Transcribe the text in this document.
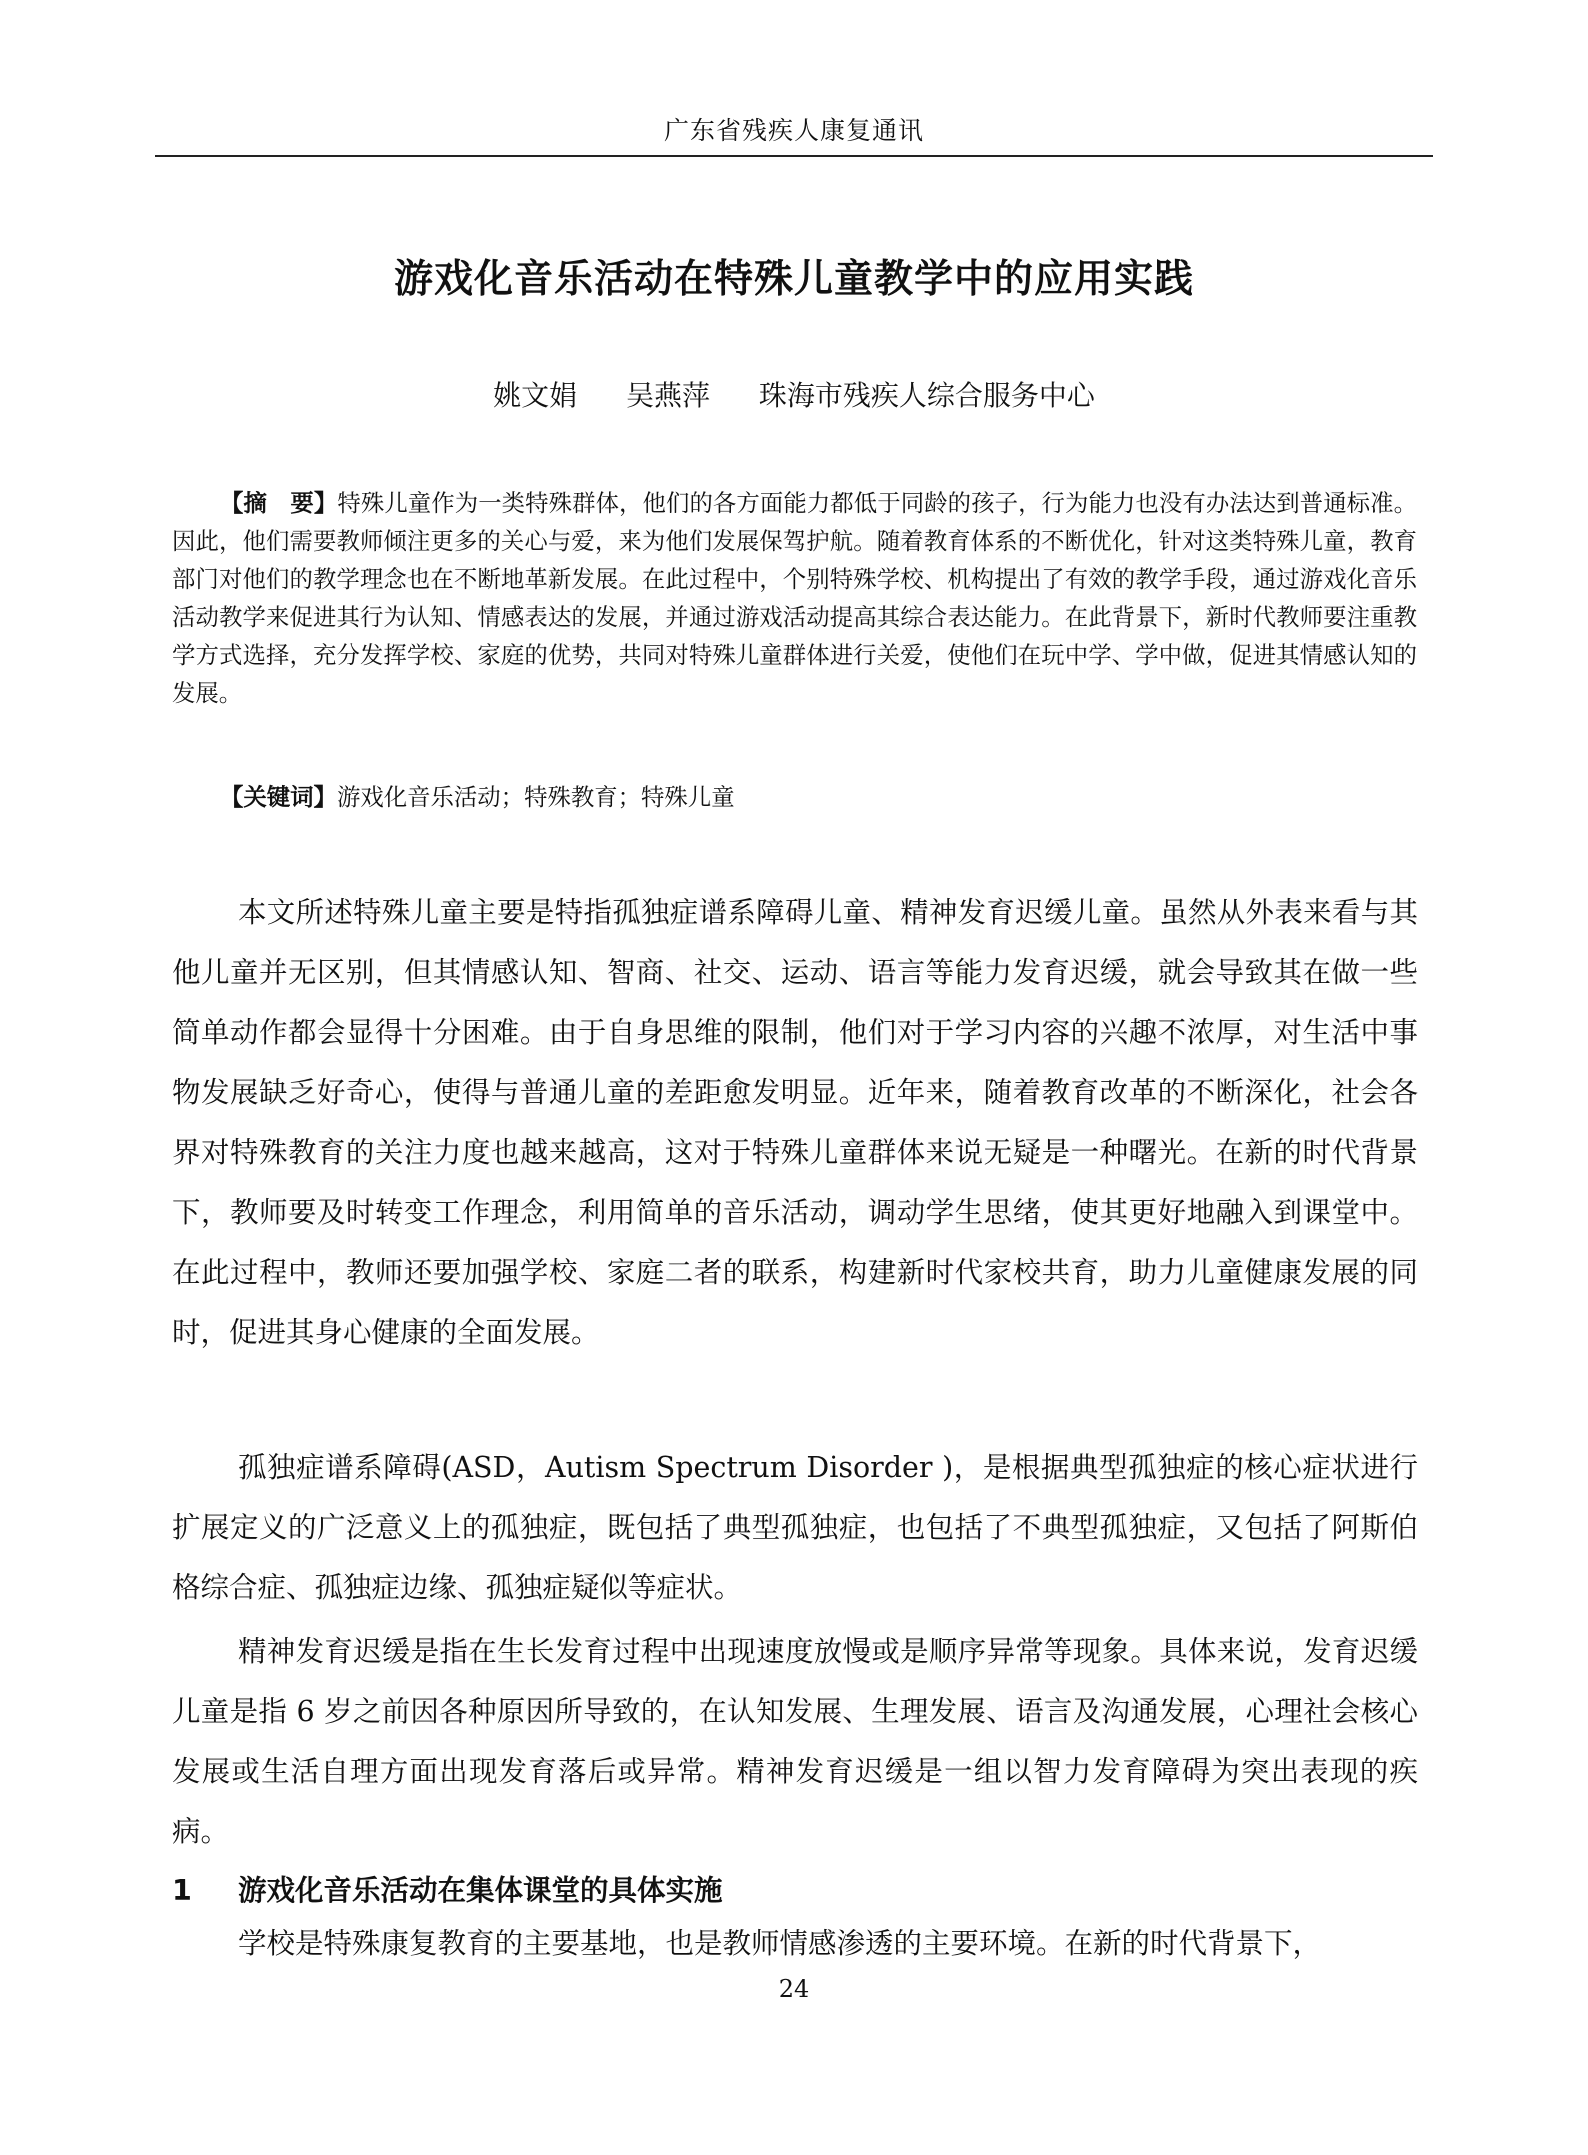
广东省残疾人康复通讯
游戏化音乐活动在特殊儿童教学中的应用实践
姚文娟 吴燕萍 珠海市残疾人综合服务中心

【摘　要】特殊儿童作为一类特殊群体，他们的各方面能力都低于同龄的孩子，行为能力也没有办法达到普通标准。因此，他们需要教师倾注更多的关心与爱，来为他们发展保驾护航。随着教育体系的不断优化，针对这类特殊儿童，教育部门对他们的教学理念也在不断地革新发展。在此过程中，个别特殊学校、机构提出了有效的教学手段，通过游戏化音乐活动教学来促进其行为认知、情感表达的发展，并通过游戏活动提高其综合表达能力。在此背景下，新时代教师要注重教学方式选择，充分发挥学校、家庭的优势，共同对特殊儿童群体进行关爱，使他们在玩中学、学中做，促进其情感认知的发展。

【关键词】游戏化音乐活动；特殊教育；特殊儿童

本文所述特殊儿童主要是特指孤独症谱系障碍儿童、精神发育迟缓儿童。虽然从外表来看与其他儿童并无区别，但其情感认知、智商、社交、运动、语言等能力发育迟缓，就会导致其在做一些简单动作都会显得十分困难。由于自身思维的限制，他们对于学习内容的兴趣不浓厚，对生活中事物发展缺乏好奇心，使得与普通儿童的差距愈发明显。近年来，随着教育改革的不断深化，社会各界对特殊教育的关注力度也越来越高，这对于特殊儿童群体来说无疑是一种曙光。在新的时代背景下，教师要及时转变工作理念，利用简单的音乐活动，调动学生思绪，使其更好地融入到课堂中。在此过程中，教师还要加强学校、家庭二者的联系，构建新时代家校共育，助力儿童健康发展的同时，促进其身心健康的全面发展。

孤独症谱系障碍(ASD，Autism Spectrum Disorder )，是根据典型孤独症的核心症状进行扩展定义的广泛意义上的孤独症，既包括了典型孤独症，也包括了不典型孤独症，又包括了阿斯伯格综合症、孤独症边缘、孤独症疑似等症状。

精神发育迟缓是指在生长发育过程中出现速度放慢或是顺序异常等现象。具体来说，发育迟缓儿童是指 6 岁之前因各种原因所导致的，在认知发展、生理发展、语言及沟通发展，心理社会核心发展或生活自理方面出现发育落后或异常。精神发育迟缓是一组以智力发育障碍为突出表现的疾病。

1 游戏化音乐活动在集体课堂的具体实施

学校是特殊康复教育的主要基地，也是教师情感渗透的主要环境。在新的时代背景下，

24
